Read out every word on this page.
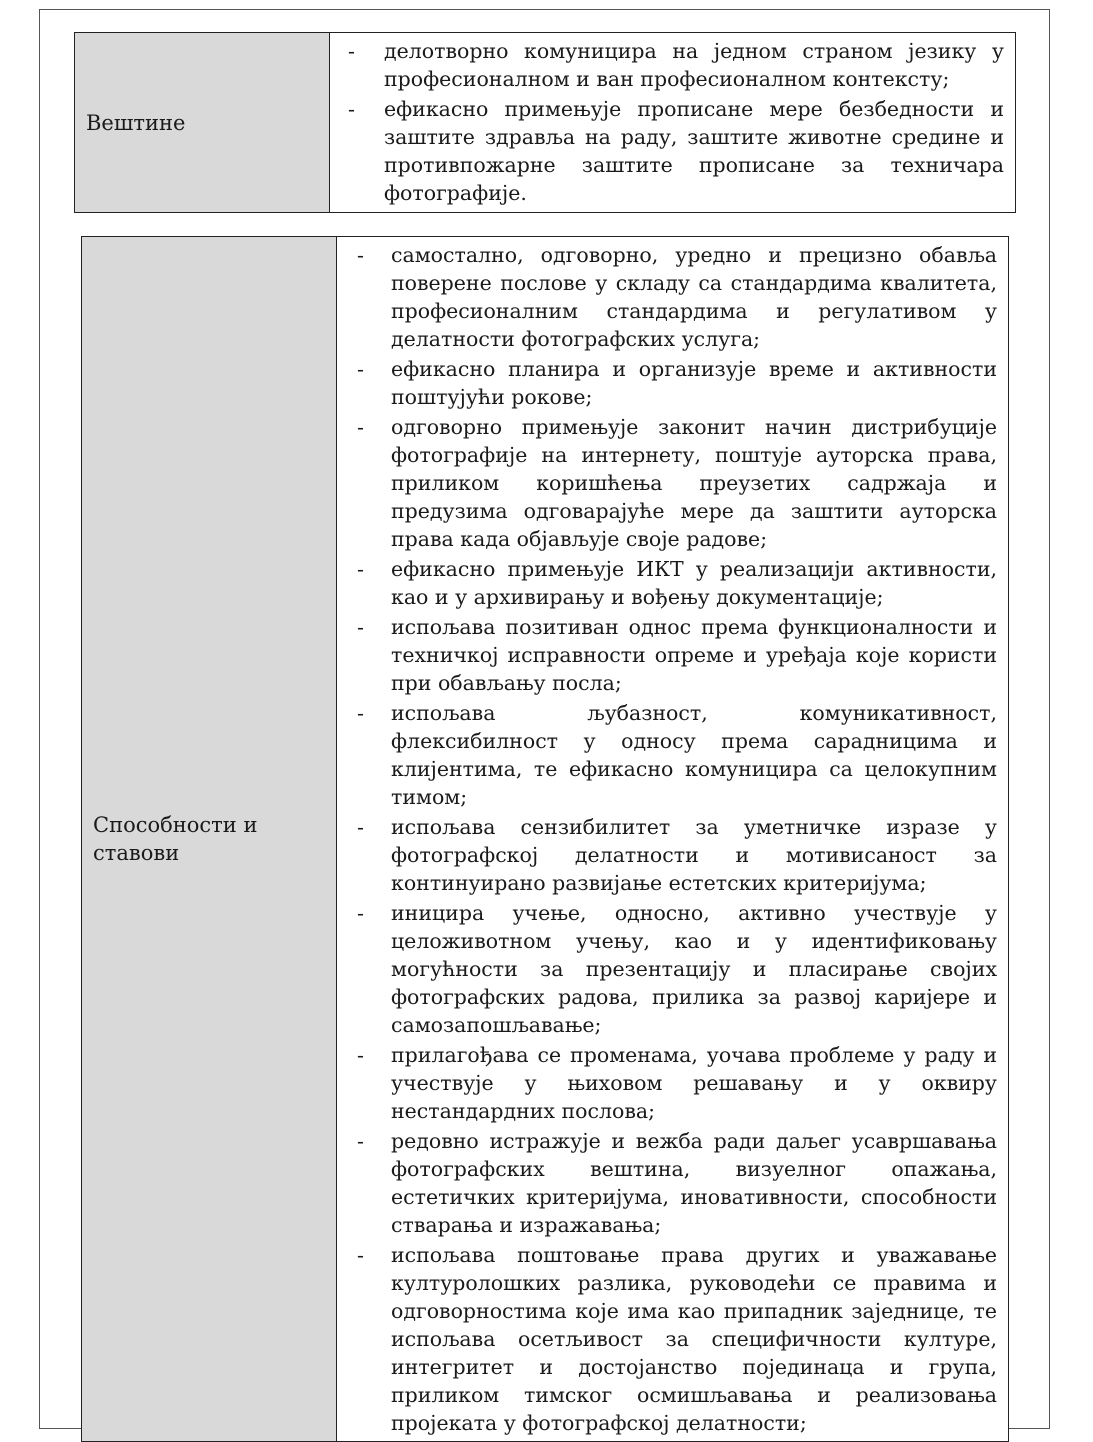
Вештине	
- делотворно комуницира на једном страном језику у професионалном и ван професионалном контексту;
- ефикасно примењује прописане мере безбедности и заштите здравља на раду, заштите животне средине и противпожарне заштите прописане за техничара фотографије.
Способности и ставови	
- самостално, одговорно, уредно и прецизно обавља поверене послове у складу са стандардима квалитета, професионалним стандардима и регулативом у делатности фотографских услуга;
- ефикасно планира и организује време и активности поштујући рокове;
- одговорно примењује законит начин дистрибуције фотографије на интернету, поштује ауторска права, приликом коришћења преузетих садржаја и предузима одговарајуће мере да заштити ауторска права када објављује своје радове;
- ефикасно примењује ИКТ у реализацији активности, као и у архивирању и вођењу документације;
- испољава позитиван однос према функционалности и техничкој исправности опреме и уређаја које користи при обављању посла;
- испољава љубазност, комуникативност, флексибилност у односу према сарадницима и клијентима, те ефикасно комуницира са целокупним тимом;
- испољава сензибилитет за уметничке изразе у фотографској делатности и мотивисаност за континуирано развијање естетских критеријума;
- иницира учење, односно, активно учествује у целоживотном учењу, као и у идентификовању могућности за презентацију и пласирање својих фотографских радова, прилика за развој каријере и самозапошљавање;
- прилагођава се променама, уочава проблеме у раду и учествује у њиховом решавању и у оквиру нестандардних послова;
- редовно истражује и вежба ради даљег усавршавања фотографских вештина, визуелног опажања, естетичких критеријума, иновативности, способности стварања и изражавања;
- испољава поштовање права других и уважавање културолошких разлика, руководећи се правима и одговорностима које има као припадник заједнице, те испољава осетљивост за специфичности културе, интегритет и достојанство појединаца и група, приликом тимског осмишљавања и реализовања пројеката у фотографској делатности;
